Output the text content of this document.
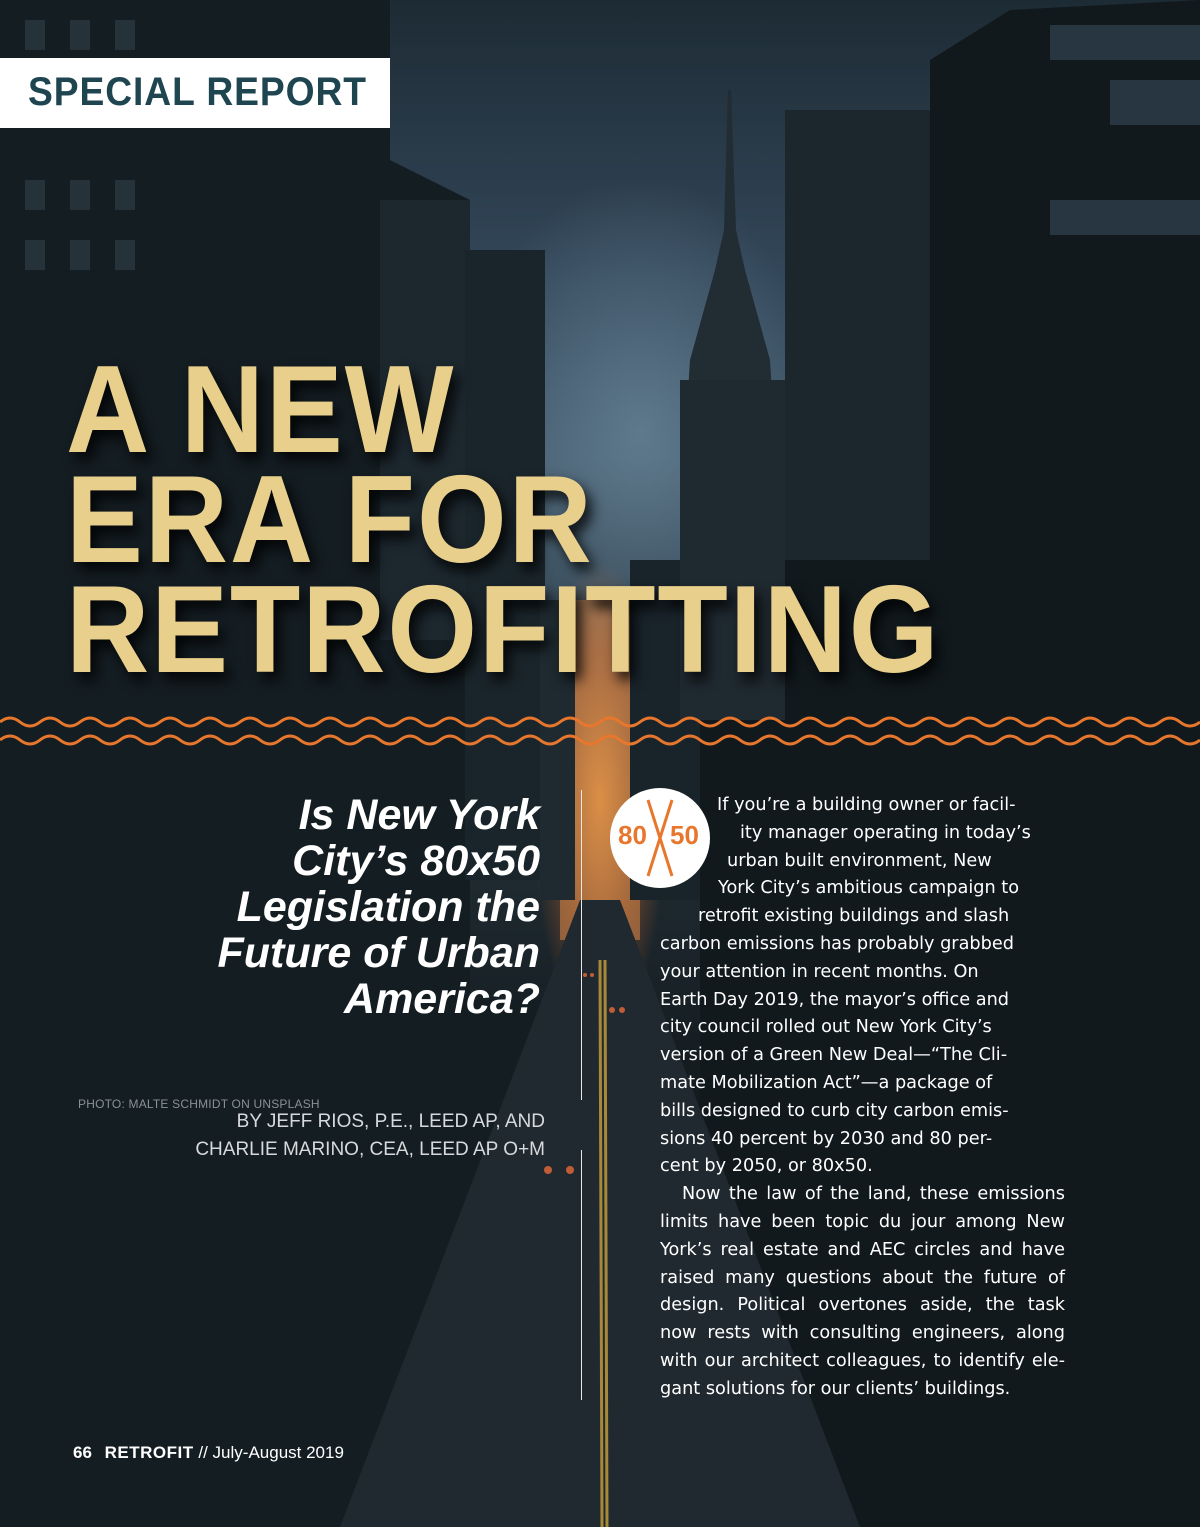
SPECIAL REPORT
A NEW
ERA FOR
RETROFITTING
Is New York
City’s 80x50
Legislation the
Future of Urban
America?
BY JEFF RIOS, P.E., LEED AP, AND
CHARLIE MARINO, CEA, LEED AP O+M
80 50

If you’re a building owner or facil-
ity manager operating in today’s
urban built environment, New
York City’s ambitious campaign to
retrofit existing buildings and slash
carbon emissions has probably grabbed
your attention in recent months. On
Earth Day 2019, the mayor’s office and
city council rolled out New York City’s
version of a Green New Deal—“The Cli-
mate Mobilization Act”—a package of
bills designed to curb city carbon emis-
sions 40 percent by 2030 and 80 per-
cent by 2050, or 80x50.

Now the law of the land, these emissions limits have been topic du jour among New York’s real estate and AEC circles and have raised many questions about the future of design. Political overtones aside, the task now rests with consulting engineers, along with our architect colleagues, to identify elegant solutions for our clients’ buildings.

PHOTO: MALTE SCHMIDT ON UNSPLASH
66 RETROFIT // July-August 2019
